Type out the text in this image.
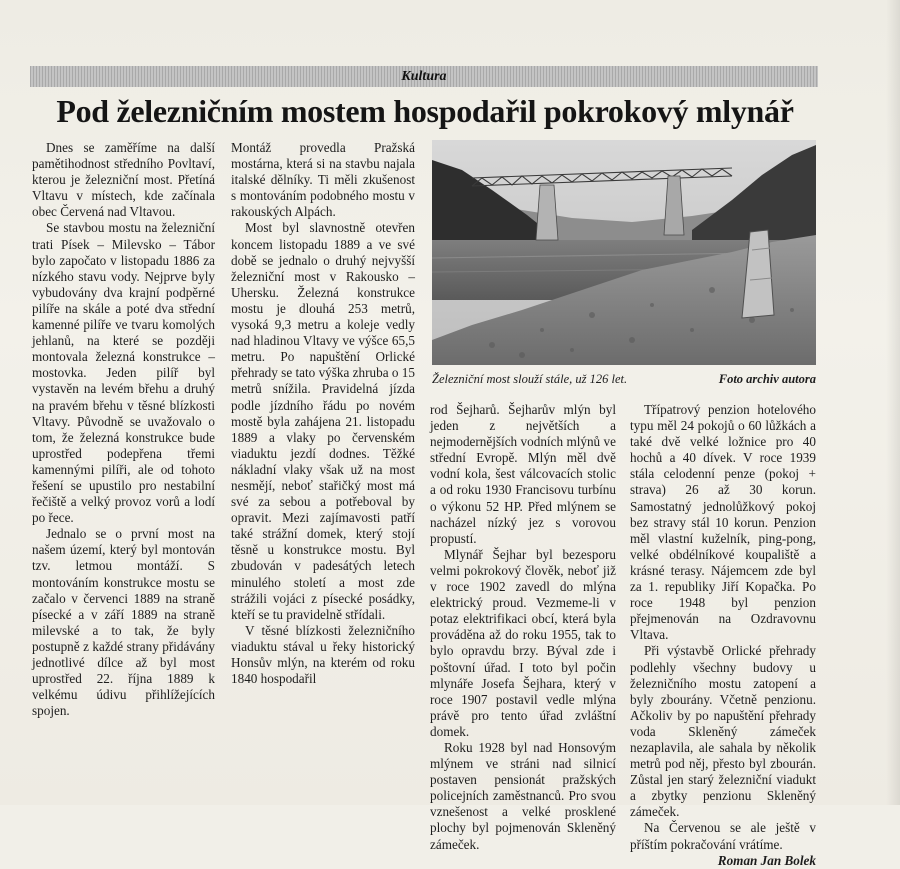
Kultura
Pod železničním mostem hospodařil pokrokový mlynář

Dnes se zaměříme na další pamětihodnost středního Povltaví, kterou je železniční most. Přetíná Vltavu v místech, kde začínala obec Červená nad Vltavou.

Se stavbou mostu na železniční trati Písek – Milevsko – Tábor bylo započato v listopadu 1886 za nízkého stavu vody. Nejprve byly vybudovány dva krajní podpěrné pilíře na skále a poté dva střední kamenné pilíře ve tvaru komolých jehlanů, na které se později montovala železná konstrukce – mostovka. Jeden pilíř byl vystavěn na levém břehu a druhý na pravém břehu v těsné blízkosti Vltavy. Původně se uvažovalo o tom, že železná konstrukce bude uprostřed podepřena třemi kamennými pilíři, ale od tohoto řešení se upustilo pro nestabilní řečiště a velký provoz vorů a lodí po řece.

Jednalo se o první most na našem území, který byl montován tzv. letmou montáží. S montováním konstrukce mostu se začalo v červenci 1889 na straně písecké a v září 1889 na straně milevské a to tak, že byly postupně z každé strany přidávány jednotlivé dílce až byl most uprostřed 22. října 1889 k velkému údivu přihlížejících spojen.

Montáž provedla Pražská mostárna, která si na stavbu najala italské dělníky. Ti měli zkušenost s montováním podobného mostu v rakouských Alpách.

Most byl slavnostně otevřen koncem listopadu 1889 a ve své době se jednalo o druhý nejvyšší železniční most v Rakousko – Uhersku. Železná konstrukce mostu je dlouhá 253 metrů, vysoká 9,3 metru a koleje vedly nad hladinou Vltavy ve výšce 65,5 metru. Po napuštění Orlické přehrady se tato výška zhruba o 15 metrů snížila. Pravidelná jízda podle jízdního řádu po novém mostě byla zahájena 21. listopadu 1889 a vlaky po červenském viaduktu jezdí dodnes. Těžké nákladní vlaky však už na most nesmějí, neboť stařičký most má své za sebou a potřeboval by opravit. Mezi zajímavosti patří také strážní domek, který stojí těsně u konstrukce mostu. Byl zbudován v padesátých letech minulého století a most zde strážili vojáci z písecké posádky, kteří se tu pravidelně střídali.

V těsné blízkosti železničního viaduktu stával u řeky historický Honsův mlýn, na kterém od roku 1840 hospodařil

Železniční most slouží stále, už 126 let.	Foto archiv autora

rod Šejharů. Šejharův mlýn byl jeden z největších a nejmodernějších vodních mlýnů ve střední Evropě. Mlýn měl dvě vodní kola, šest válcovacích stolic a od roku 1930 Francisovu turbínu o výkonu 52 HP. Před mlýnem se nacházel nízký jez s vorovou propustí.

Mlynář Šejhar byl bezesporu velmi pokrokový člověk, neboť již v roce 1902 zavedl do mlýna elektrický proud. Vezmeme-li v potaz elektrifikaci obcí, která byla prováděna až do roku 1955, tak to bylo opravdu brzy. Býval zde i poštovní úřad. I toto byl počin mlynáře Josefa Šejhara, který v roce 1907 postavil vedle mlýna právě pro tento úřad zvláštní domek.

Roku 1928 byl nad Honsovým mlýnem ve stráni nad silnicí postaven pensionát pražských policejních zaměstnanců. Pro svou vznešenost a velké prosklené plochy byl pojmenován Skleněný zámeček.

Třípatrový penzion hotelového typu měl 24 pokojů o 60 lůžkách a také dvě velké ložnice pro 40 hochů a 40 dívek. V roce 1939 stála celodenní penze (pokoj + strava) 26 až 30 korun. Samostatný jednolůžkový pokoj bez stravy stál 10 korun. Penzion měl vlastní kuželník, ping-pong, velké obdélníkové koupaliště a krásné terasy. Nájemcem zde byl za 1. republiky Jiří Kopačka. Po roce 1948 byl penzion přejmenován na Ozdravovnu Vltava.

Při výstavbě Orlické přehrady podlehly všechny budovy u železničního mostu zatopení a byly zbourány. Včetně penzionu. Ačkoliv by po napuštění přehrady voda Skleněný zámeček nezaplavila, ale sahala by několik metrů pod něj, přesto byl zbourán. Zůstal jen starý železniční viadukt a zbytky penzionu Skleněný zámeček.

Na Červenou se ale ještě v příštím pokračování vrátíme.

Roman Jan Bolek
